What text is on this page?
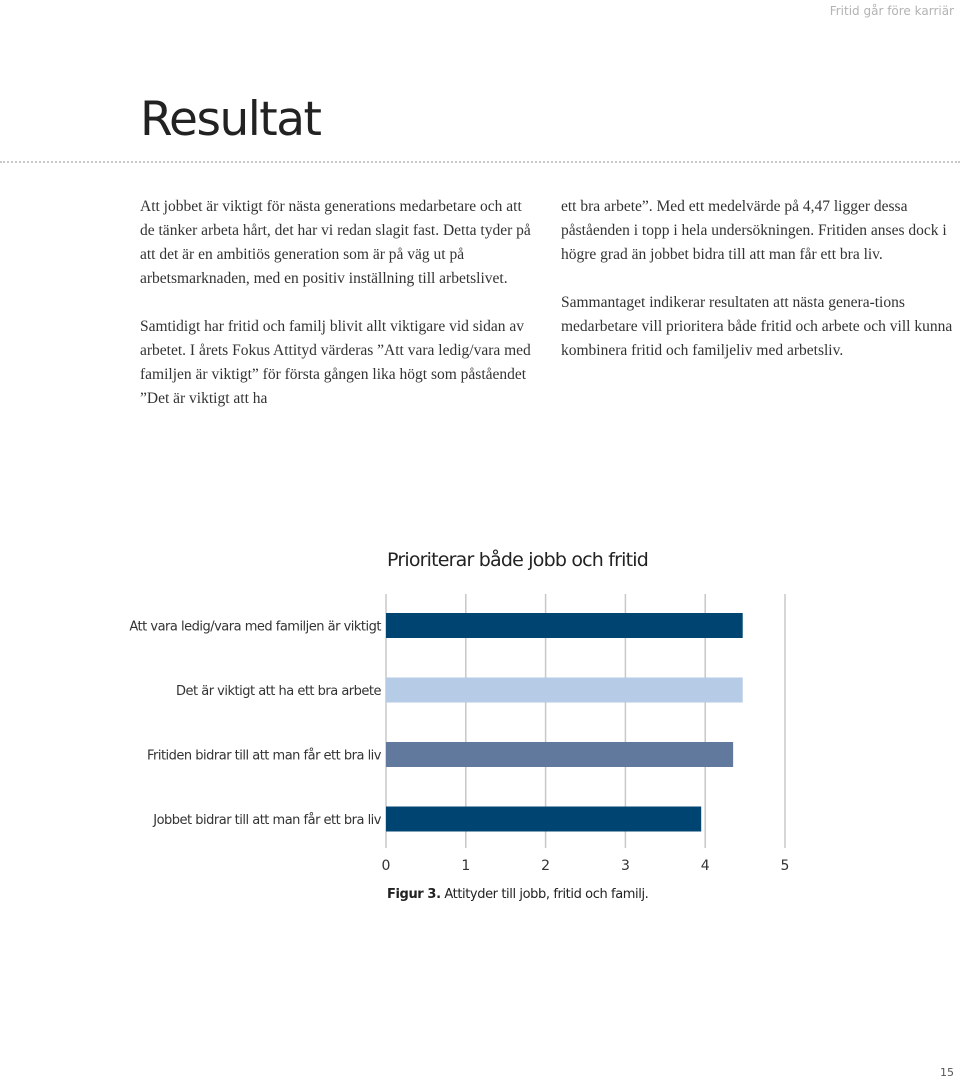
Fritid går före karriär
Resultat

Att jobbet är viktigt för nästa generations medarbetare och att de tänker arbeta hårt, det har vi redan slagit fast. Detta tyder på att det är en ambitiös generation som är på väg ut på arbetsmarknaden, med en positiv inställning till arbetslivet.

Samtidigt har fritid och familj blivit allt viktigare vid sidan av arbetet. I årets Fokus Attityd värderas ”Att vara ledig/vara med familjen är viktigt” för första gången lika högt som påståendet ”Det är viktigt att ha

ett bra arbete”. Med ett medelvärde på 4,47 ligger dessa påståenden i topp i hela undersökningen. Fritiden anses dock i högre grad än jobbet bidra till att man får ett bra liv.

Sammantaget indikerar resultaten att nästa genera-tions medarbetare vill prioritera både fritid och arbete och vill kunna kombinera fritid och familjeliv med arbetsliv.

Prioriterar både jobb och fritid
Att vara ledig/vara med familjen är viktigt
Det är viktigt att ha ett bra arbete
Fritiden bidrar till att man får ett bra liv
Jobbet bidrar till att man får ett bra liv
0	1	2	3	4	5
Figur 3. Attityder till jobb, fritid och familj.
15
